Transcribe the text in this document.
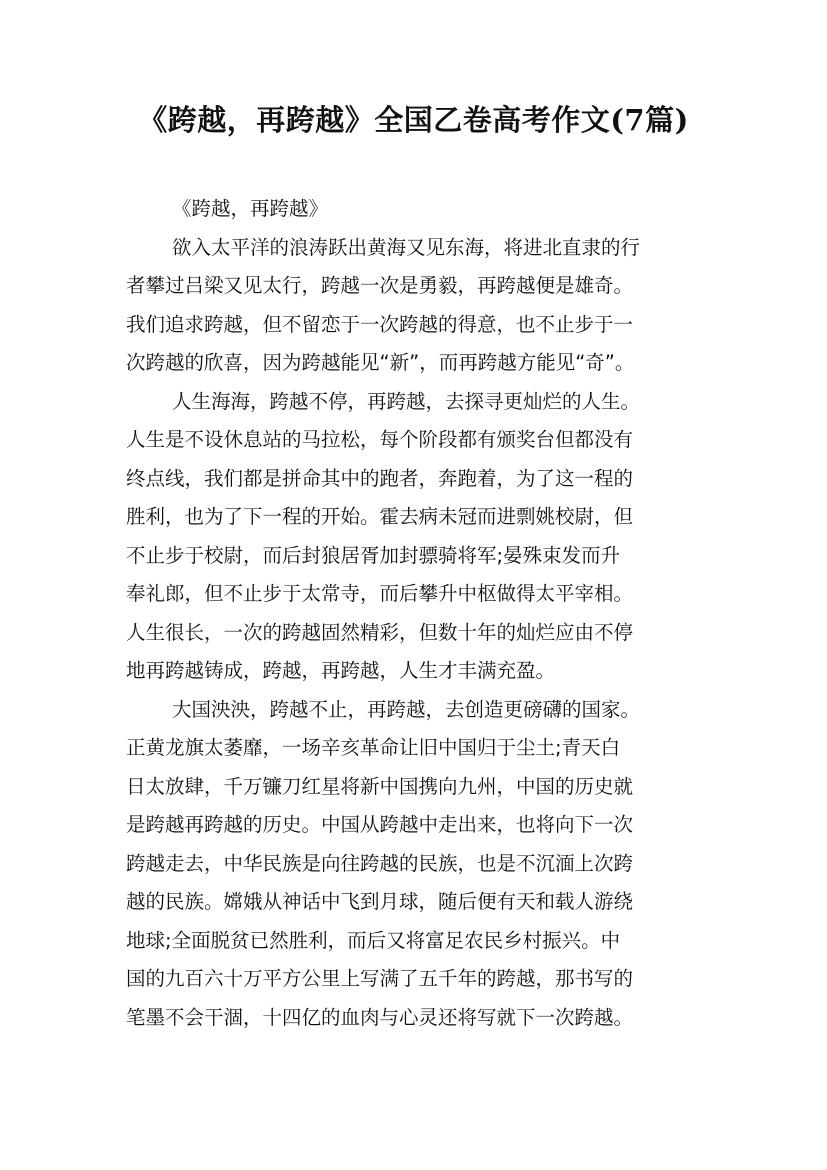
《跨越，再跨越》全国乙卷高考作文(7篇)
《跨越，再跨越》
欲入太平洋的浪涛跃出黄海又见东海，将进北直隶的行
者攀过吕梁又见太行，跨越一次是勇毅，再跨越便是雄奇。
我们追求跨越，但不留恋于一次跨越的得意，也不止步于一
次跨越的欣喜，因为跨越能见“新”，而再跨越方能见“奇”。
人生海海，跨越不停，再跨越，去探寻更灿烂的人生。
人生是不设休息站的马拉松，每个阶段都有颁奖台但都没有
终点线，我们都是拼命其中的跑者，奔跑着，为了这一程的
胜利，也为了下一程的开始。霍去病未冠而进剽姚校尉，但
不止步于校尉，而后封狼居胥加封骠骑将军;晏殊束发而升
奉礼郎，但不止步于太常寺，而后攀升中枢做得太平宰相。
人生很长，一次的跨越固然精彩，但数十年的灿烂应由不停
地再跨越铸成，跨越，再跨越，人生才丰满充盈。
大国泱泱，跨越不止，再跨越，去创造更磅礴的国家。
正黄龙旗太萎靡，一场辛亥革命让旧中国归于尘土;青天白
日太放肆，千万镰刀红星将新中国携向九州，中国的历史就
是跨越再跨越的历史。中国从跨越中走出来，也将向下一次
跨越走去，中华民族是向往跨越的民族，也是不沉湎上次跨
越的民族。嫦娥从神话中飞到月球，随后便有天和载人游绕
地球;全面脱贫已然胜利，而后又将富足农民乡村振兴。中
国的九百六十万平方公里上写满了五千年的跨越，那书写的
笔墨不会干涸，十四亿的血肉与心灵还将写就下一次跨越。
